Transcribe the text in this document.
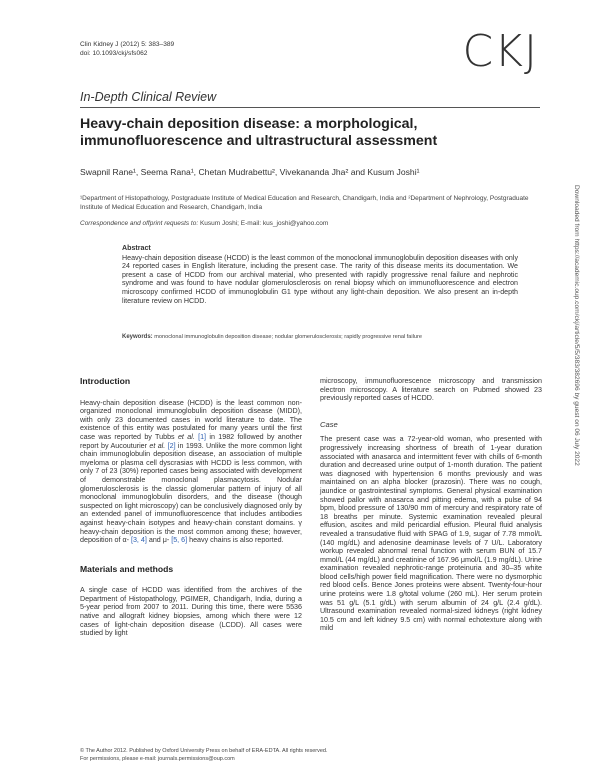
Clin Kidney J (2012) 5: 383–389
doi: 10.1093/ckj/sfs062	CKJ
In-Depth Clinical Review
Heavy-chain deposition disease: a morphological,
immunofluorescence and ultrastructural assessment
Swapnil Rane¹, Seema Rana¹, Chetan Mudrabettu², Vivekananda Jha² and Kusum Joshi¹
¹Department of Histopathology, Postgraduate Institute of Medical Education and Research, Chandigarh, India and ²Department of Nephrology, Postgraduate Institute of Medical Education and Research, Chandigarh, India
Correspondence and offprint requests to: Kusum Joshi; E-mail: kus_joshi@yahoo.com
Abstract
Heavy-chain deposition disease (HCDD) is the least common of the monoclonal immunoglobulin deposition diseases with only 24 reported cases in English literature, including the present case. The rarity of this disease merits its documentation. We present a case of HCDD from our archival material, who presented with rapidly progressive renal failure and nephrotic syndrome and was found to have nodular glomerulosclerosis on renal biopsy which on immunofluorescence and electron microscopy confirmed HCDD of immunoglobulin G1 type without any light-chain deposition. We also present an in-depth literature review on HCDD.
Keywords: monoclonal immunoglobulin deposition disease; nodular glomerulosclerosis; rapidly progressive renal failure	Downloaded from https://academic.oup.com/ckj/article/5/5/383/382696 by guest on 06 July 2022
Introduction
Heavy-chain deposition disease (HCDD) is the least common non-organized monoclonal immunoglobulin deposition disease (MIDD), with only 23 documented cases in world literature to date. The existence of this entity was postulated for many years until the first case was reported by Tubbs et al. [1] in 1982 followed by another report by Aucouturier et al. [2] in 1993. Unlike the more common light chain immunoglobulin deposition disease, an association of multiple myeloma or plasma cell dyscrasias with HCDD is less common, with only 7 of 23 (30%) reported cases being associated with development of demonstrable monoclonal plasmacytosis. Nodular glomerulosclerosis is the classic glomerular pattern of injury of all monoclonal immunoglobulin disorders, and the disease (though suspected on light microscopy) can be conclusively diagnosed only by an extended panel of immunofluorescence that includes antibodies against heavy-chain isotypes and heavy-chain constant domains. γ heavy-chain deposition is the most common among these; however, deposition of α- [3, 4] and μ- [5, 6] heavy chains is also reported.
Materials and methods
A single case of HCDD was identified from the archives of the Department of Histopathology, PGIMER, Chandigarh, India, during a 5-year period from 2007 to 2011. During this time, there were 5536 native and allograft kidney biopsies, among which there were 12 cases of light-chain deposition disease (LCDD). All cases were studied by light
microscopy, immunofluorescence microscopy and transmission electron microscopy. A literature search on Pubmed showed 23 previously reported cases of HCDD.
Case
The present case was a 72-year-old woman, who presented with progressively increasing shortness of breath of 1-year duration associated with anasarca and intermittent fever with chills of 6-month duration and decreased urine output of 1-month duration. The patient was diagnosed with hypertension 6 months previously and was maintained on an alpha blocker (prazosin). There was no cough, jaundice or gastrointestinal symptoms. General physical examination showed pallor with anasarca and pitting edema, with a pulse of 94 bpm, blood pressure of 130/90 mm of mercury and respiratory rate of 18 breaths per minute. Systemic examination revealed pleural effusion, ascites and mild pericardial effusion. Pleural fluid analysis revealed a transudative fluid with SPAG of 1.9, sugar of 7.78 mmol/L (140 mg/dL) and adenosine deaminase levels of 7 U/L. Laboratory workup revealed abnormal renal function with serum BUN of 15.7 mmol/L (44 mg/dL) and creatinine of 167.96 μmol/L (1.9 mg/dL). Urine examination revealed nephrotic-range proteinuria and 30–35 white blood cells/high power field magnification. There were no dysmorphic red blood cells. Bence Jones proteins were absent. Twenty-four-hour urine proteins were 1.8 g/total volume (260 mL). Her serum protein was 51 g/L (5.1 g/dL) with serum albumin of 24 g/L (2.4 g/dL). Ultrasound examination revealed normal-sized kidneys (right kidney 10.5 cm and left kidney 9.5 cm) with normal echotexture along with mild
© The Author 2012. Published by Oxford University Press on behalf of ERA-EDTA. All rights reserved.
For permissions, please e-mail: journals.permissions@oup.com
